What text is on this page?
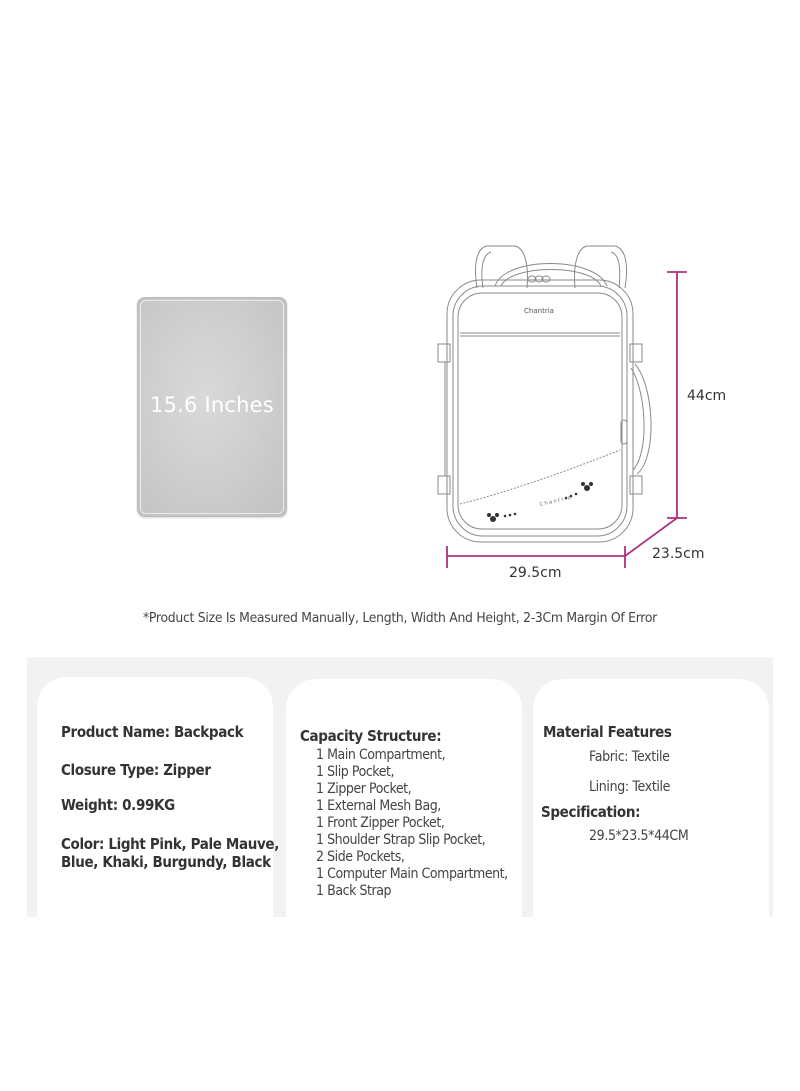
15.6 Inches
Chantria
Chantria
44cm
29.5cm
23.5cm
*Product Size Is Measured Manually, Length, Width And Height, 2-3Cm Margin Of Error
Product Name: Backpack
Closure Type: Zipper
Weight: 0.99KG
Color: Light Pink, Pale Mauve,
Blue, Khaki, Burgundy, Black
Capacity Structure:
1 Main Compartment,
1 Slip Pocket,
1 Zipper Pocket,
1 External Mesh Bag,
1 Front Zipper Pocket,
1 Shoulder Strap Slip Pocket,
2 Side Pockets,
1 Computer Main Compartment,
1 Back Strap
Material Features
Fabric: Textile
Lining: Textile
Specification:
29.5*23.5*44CM
